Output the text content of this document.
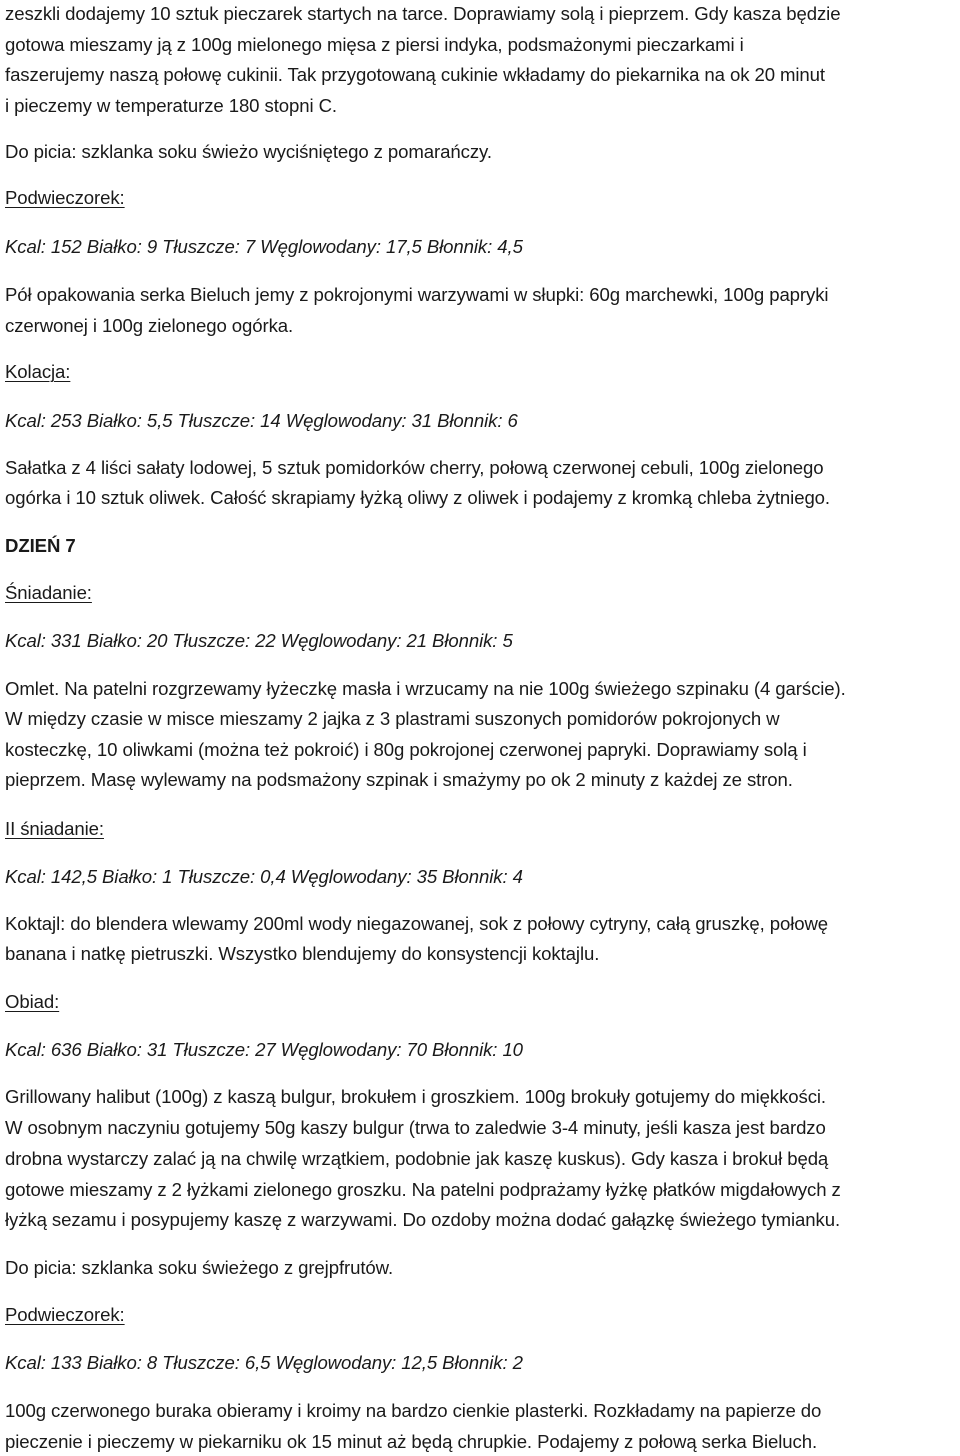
zeszkli dodajemy 10 sztuk pieczarek startych na tarce. Doprawiamy solą i pieprzem. Gdy kasza będzie
gotowa mieszamy ją z 100g mielonego mięsa z piersi indyka, podsmażonymi pieczarkami i
faszerujemy naszą połowę cukinii. Tak przygotowaną cukinie wkładamy do piekarnika na ok 20 minut
i pieczemy w temperaturze 180 stopni C.
Do picia: szklanka soku świeżo wyciśniętego z pomarańczy.
Podwieczorek:
Kcal: 152 Białko: 9 Tłuszcze: 7 Węglowodany: 17,5 Błonnik: 4,5
Pół opakowania serka Bieluch jemy z pokrojonymi warzywami w słupki: 60g marchewki, 100g papryki
czerwonej i 100g zielonego ogórka.
Kolacja:
Kcal: 253 Białko: 5,5 Tłuszcze: 14 Węglowodany: 31 Błonnik: 6
Sałatka z 4 liści sałaty lodowej, 5 sztuk pomidorków cherry, połową czerwonej cebuli, 100g zielonego
ogórka i 10 sztuk oliwek. Całość skrapiamy łyżką oliwy z oliwek i podajemy z kromką chleba żytniego.
DZIEŃ 7
Śniadanie:
Kcal: 331 Białko: 20 Tłuszcze: 22 Węglowodany: 21 Błonnik: 5
Omlet. Na patelni rozgrzewamy łyżeczkę masła i wrzucamy na nie 100g świeżego szpinaku (4 garście).
W między czasie w misce mieszamy 2 jajka z 3 plastrami suszonych pomidorów pokrojonych w
kosteczkę, 10 oliwkami (można też pokroić) i 80g pokrojonej czerwonej papryki. Doprawiamy solą i
pieprzem. Masę wylewamy na podsmażony szpinak i smażymy po ok 2 minuty z każdej ze stron.
II śniadanie:
Kcal: 142,5 Białko: 1 Tłuszcze: 0,4 Węglowodany: 35 Błonnik: 4
Koktajl: do blendera wlewamy 200ml wody niegazowanej, sok z połowy cytryny, całą gruszkę, połowę
banana i natkę pietruszki. Wszystko blendujemy do konsystencji koktajlu.
Obiad:
Kcal: 636 Białko: 31 Tłuszcze: 27 Węglowodany: 70 Błonnik: 10
Grillowany halibut (100g) z kaszą bulgur, brokułem i groszkiem. 100g brokuły gotujemy do miękkości.
W osobnym naczyniu gotujemy 50g kaszy bulgur (trwa to zaledwie 3-4 minuty, jeśli kasza jest bardzo
drobna wystarczy zalać ją na chwilę wrzątkiem, podobnie jak kaszę kuskus). Gdy kasza i brokuł będą
gotowe mieszamy z 2 łyżkami zielonego groszku. Na patelni podprażamy łyżkę płatków migdałowych z
łyżką sezamu i posypujemy kaszę z warzywami. Do ozdoby można dodać gałązkę świeżego tymianku.
Do picia: szklanka soku świeżego z grejpfrutów.
Podwieczorek:
Kcal: 133 Białko: 8 Tłuszcze: 6,5 Węglowodany: 12,5 Błonnik: 2
100g czerwonego buraka obieramy i kroimy na bardzo cienkie plasterki. Rozkładamy na papierze do
pieczenie i pieczemy w piekarniku ok 15 minut aż będą chrupkie. Podajemy z połową serka Bieluch.
